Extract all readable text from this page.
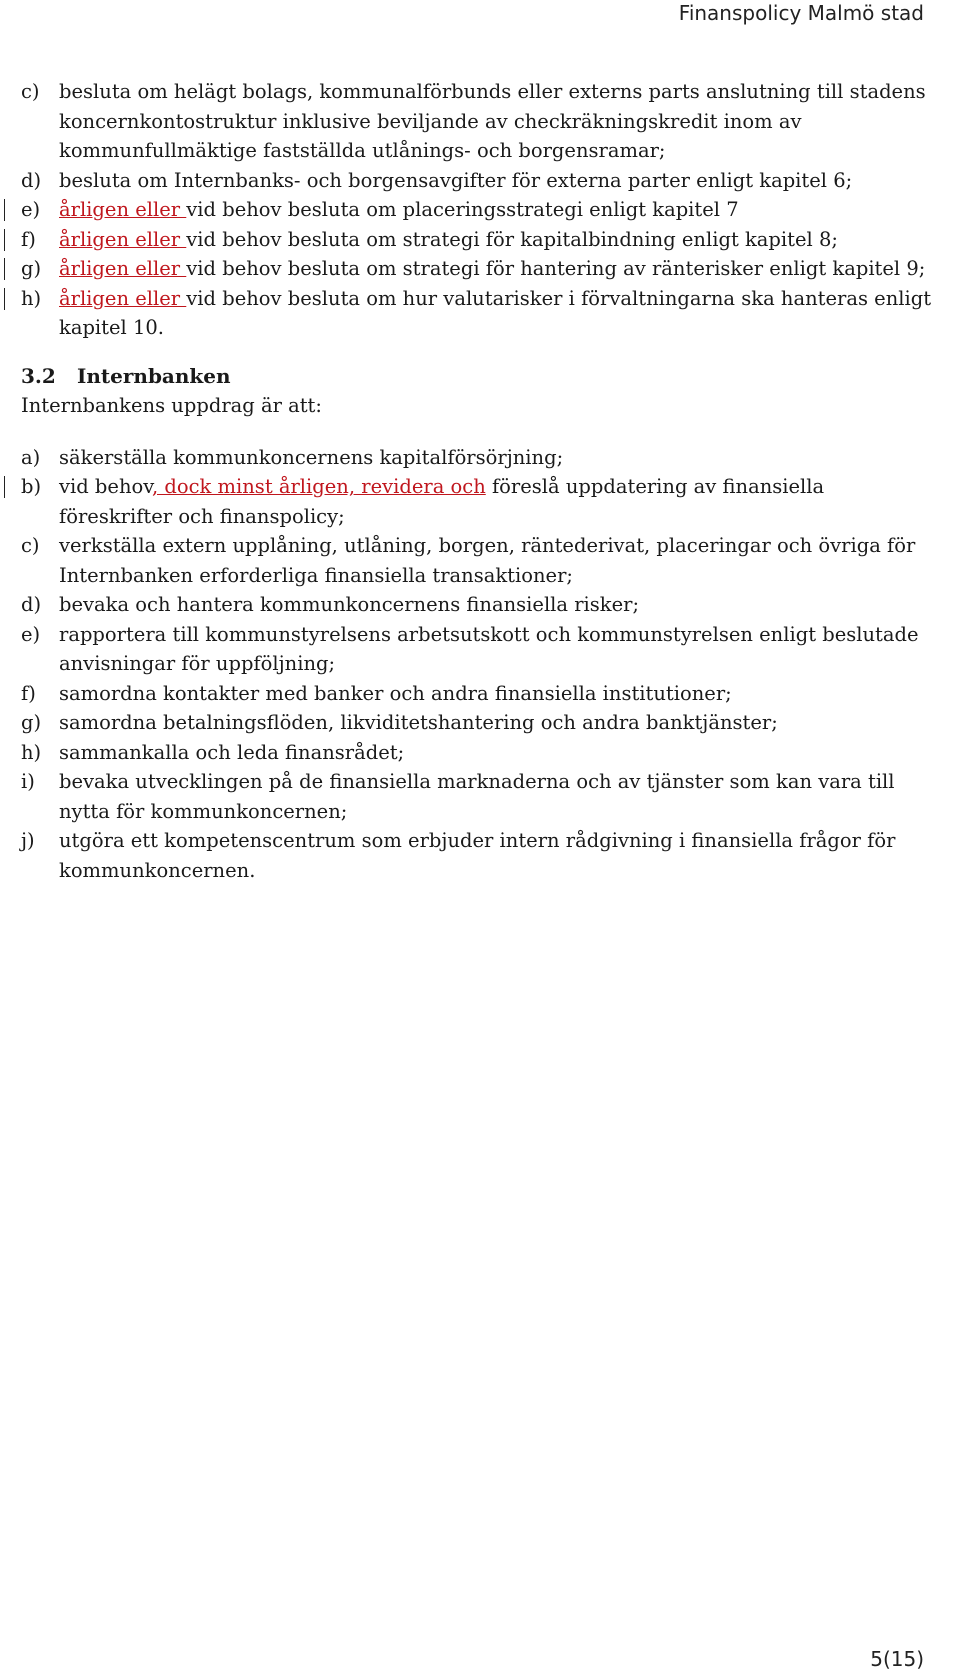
Finanspolicy Malmö stad
c) besluta om helägt bolags, kommunalförbunds eller externs parts anslutning till stadens koncernkontostruktur inklusive beviljande av checkräkningskredit inom av kommunfullmäktige fastställda utlånings- och borgensramar;
d) besluta om Internbanks- och borgensavgifter för externa parter enligt kapitel 6;
e) årligen eller vid behov besluta om placeringsstrategi enligt kapitel 7
f) årligen eller vid behov besluta om strategi för kapitalbindning enligt kapitel 8;
g) årligen eller vid behov besluta om strategi för hantering av ränterisker enligt kapitel 9;
h) årligen eller vid behov besluta om hur valutarisker i förvaltningarna ska hanteras enligt kapitel 10.
3.2	Internbanken

Internbankens uppdrag är att:

a) säkerställa kommunkoncernens kapitalförsörjning;
b) vid behov, dock minst årligen, revidera och föreslå uppdatering av finansiella föreskrifter och finanspolicy;
c) verkställa extern upplåning, utlåning, borgen, räntederivat, placeringar och övriga för Internbanken erforderliga finansiella transaktioner;
d) bevaka och hantera kommunkoncernens finansiella risker;
e) rapportera till kommunstyrelsens arbetsutskott och kommunstyrelsen enligt beslutade anvisningar för uppföljning;
f) samordna kontakter med banker och andra finansiella institutioner;
g) samordna betalningsflöden, likviditetshantering och andra banktjänster;
h) sammankalla och leda finansrådet;
i) bevaka utvecklingen på de finansiella marknaderna och av tjänster som kan vara till nytta för kommunkoncernen;
j) utgöra ett kompetenscentrum som erbjuder intern rådgivning i finansiella frågor för kommunkoncernen.
5(15)
